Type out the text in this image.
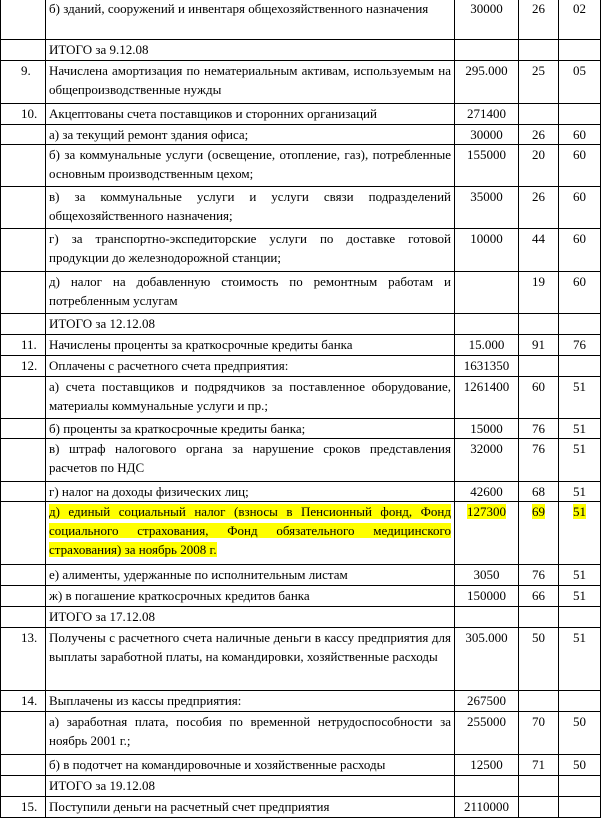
	б) зданий, сооружений и инвентаря общехозяйственного назначения	30000	26	02
	ИТОГО за 9.12.08			
9.	Начислена амортизация по нематериальным активам, используемым на общепроизводственные нужды	295.000	25	05
10.	Акцептованы счета поставщиков и сторонних организаций	271400		
	а) за текущий ремонт здания офиса;	30000	26	60
	б) за коммунальные услуги (освещение, отопление, газ), потребленные основным производственным цехом;	155000	20	60
	в) за коммунальные услуги и услуги связи подразделений общехозяйственного назначения;	35000	26	60
	г) за транспортно-экспедиторские услуги по доставке готовой продукции до железнодорожной станции;	10000	44	60
	д) налог на добавленную стоимость по ремонтным работам и потребленным услугам		19	60
	ИТОГО за 12.12.08			
11.	Начислены проценты за краткосрочные кредиты банка	15.000	91	76
12.	Оплачены с расчетного счета предприятия:	1631350		
	а) счета поставщиков и подрядчиков за поставленное оборудование, материалы коммунальные услуги и пр.;	1261400	60	51
	б) проценты за краткосрочные кредиты банка;	15000	76	51
	в) штраф налогового органа за нарушение сроков представления расчетов по НДС	32000	76	51
	г) налог на доходы физических лиц;	42600	68	51
	д) единый социальный налог (взносы в Пенсионный фонд, Фонд социального страхования, Фонд обязательного медицинского страхования) за ноябрь 2008 г.	127300	69	51
	е) алименты, удержанные по исполнительным листам	3050	76	51
	ж) в погашение краткосрочных кредитов банка	150000	66	51
	ИТОГО за 17.12.08			
13.	Получены с расчетного счета наличные деньги в кассу предприятия для выплаты заработной платы, на командировки, хозяйственные расходы	305.000	50	51
14.	Выплачены из кассы предприятия:	267500		
	а) заработная плата, пособия по временной нетрудоспособности за ноябрь 2001 г.;	255000	70	50
	б) в подотчет на командировочные и хозяйственные расходы	12500	71	50
	ИТОГО за 19.12.08			
15.	Поступили деньги на расчетный счет предприятия	2110000		
